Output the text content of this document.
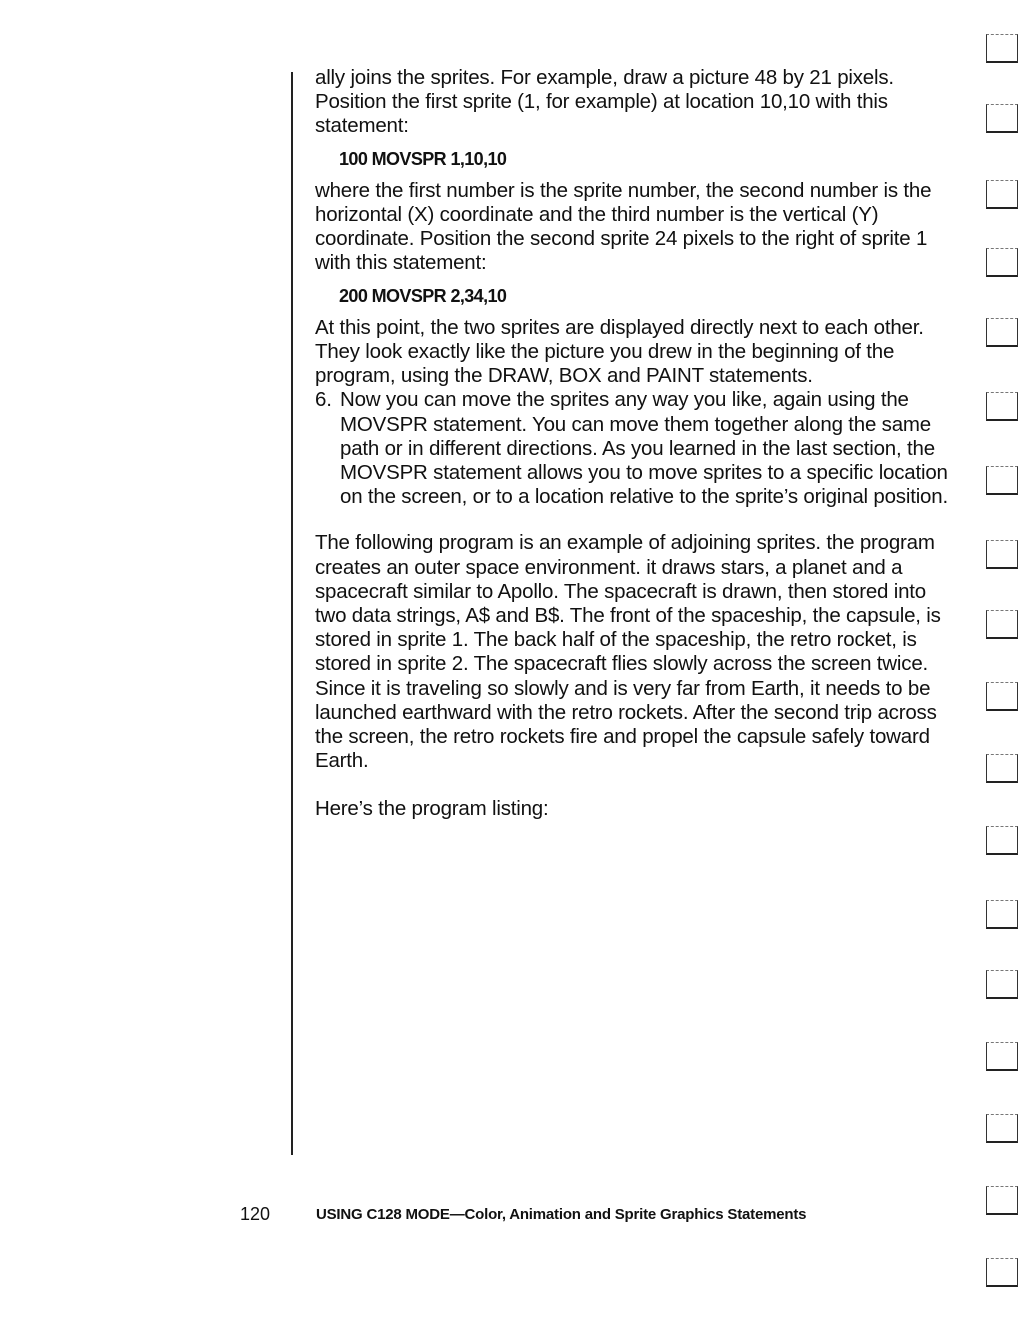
ally joins the sprites. For example, draw a picture 48 by 21 pixels. Position the first sprite (1, for example) at location 10,10 with this statement:

100 MOVSPR 1,10,10

where the first number is the sprite number, the second number is the horizontal (X) coordinate and the third number is the vertical (Y) coordinate. Position the second sprite 24 pixels to the right of sprite 1 with this statement:

200 MOVSPR 2,34,10

At this point, the two sprites are displayed directly next to each other. They look exactly like the picture you drew in the beginning of the program, using the DRAW, BOX and PAINT statements.

6. Now you can move the sprites any way you like, again using the MOVSPR statement. You can move them together along the same path or in different directions. As you learned in the last section, the MOVSPR statement allows you to move sprites to a specific location on the screen, or to a location relative to the sprite’s original position.

The following program is an example of adjoining sprites. the program creates an outer space environment. it draws stars, a planet and a spacecraft similar to Apollo. The spacecraft is drawn, then stored into two data strings, A$ and B$. The front of the spaceship, the capsule, is stored in sprite 1. The back half of the spaceship, the retro rocket, is stored in sprite 2. The spacecraft flies slowly across the screen twice. Since it is traveling so slowly and is very far from Earth, it needs to be launched earthward with the retro rockets. After the second trip across the screen, the retro rockets fire and propel the capsule safely toward Earth.

Here’s the program listing:

120	USING C128 MODE—Color, Animation and Sprite Graphics Statements
